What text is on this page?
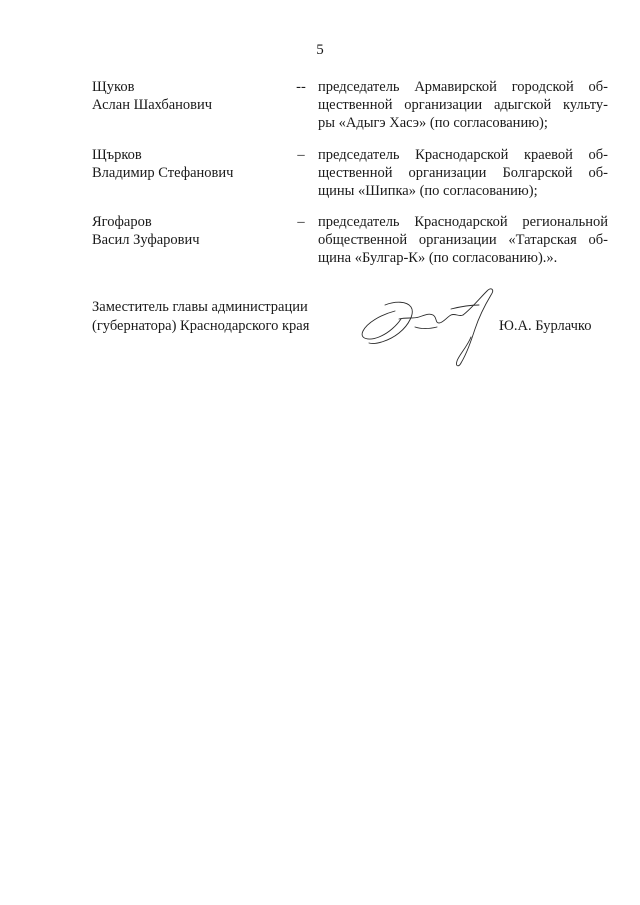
5
Щуков
Аслан Шахбанович
-- председатель Армавирской городской об-
щественной организации адыгской культу-
ры «Адыгэ Хасэ» (по согласованию);
Щърков
Владимир Стефанович
– председатель Краснодарской краевой об-
щественной организации Болгарской об-
щины «Шипка» (по согласованию);
Ягофаров
Васил Зуфарович
– председатель Краснодарской региональной
общественной организации «Татарская об-
щина «Булгар-К» (по согласованию).».
Заместитель главы администрации
(губернатора) Краснодарского края	Ю.А. Бурлачко
